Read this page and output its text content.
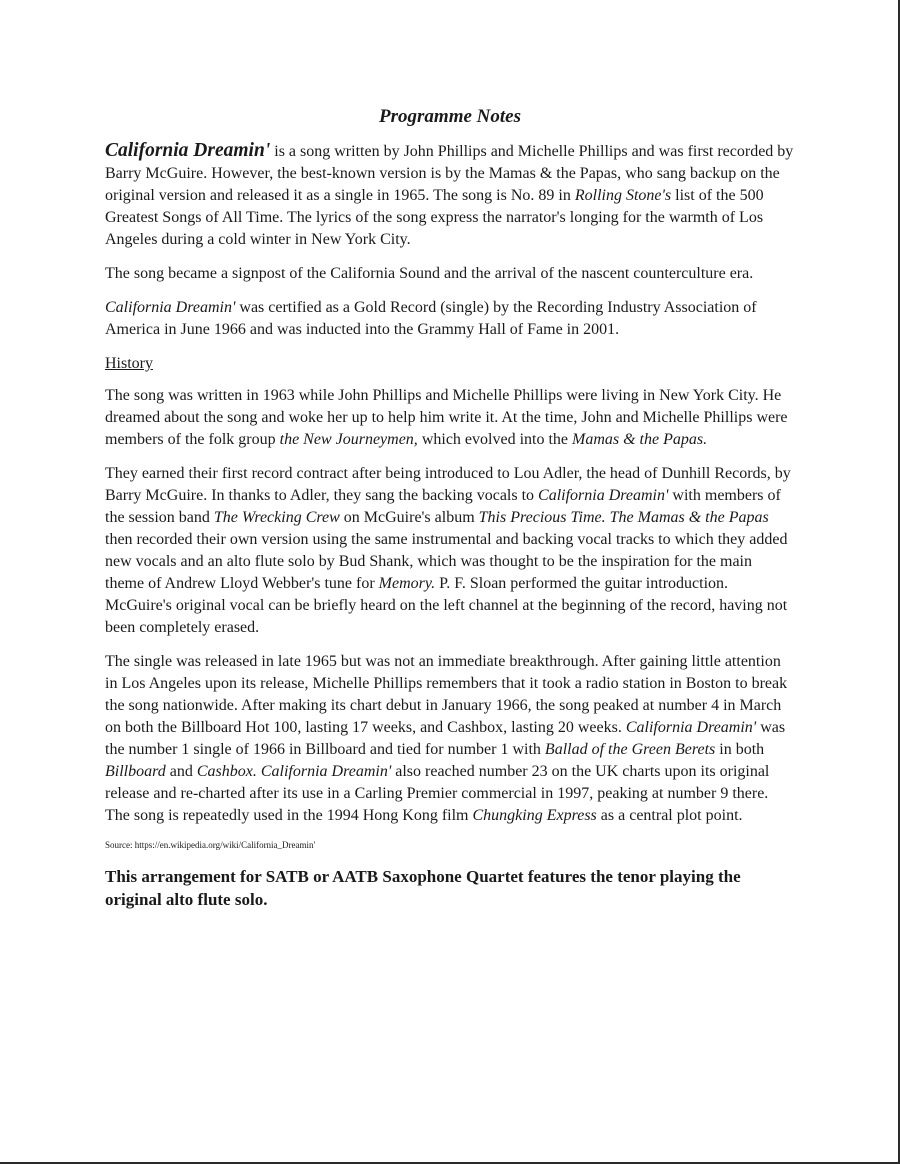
Programme Notes

California Dreamin' is a song written by John Phillips and Michelle Phillips and was first recorded by Barry McGuire. However, the best-known version is by the Mamas & the Papas, who sang backup on the original version and released it as a single in 1965. The song is No. 89 in Rolling Stone's list of the 500 Greatest Songs of All Time. The lyrics of the song express the narrator's longing for the warmth of Los Angeles during a cold winter in New York City.

The song became a signpost of the California Sound and the arrival of the nascent counterculture era.

California Dreamin' was certified as a Gold Record (single) by the Recording Industry Association of America in June 1966 and was inducted into the Grammy Hall of Fame in 2001.

History

The song was written in 1963 while John Phillips and Michelle Phillips were living in New York City. He dreamed about the song and woke her up to help him write it. At the time, John and Michelle Phillips were members of the folk group the New Journeymen, which evolved into the Mamas & the Papas.

They earned their first record contract after being introduced to Lou Adler, the head of Dunhill Records, by Barry McGuire. In thanks to Adler, they sang the backing vocals to California Dreamin' with members of the session band The Wrecking Crew on McGuire's album This Precious Time. The Mamas & the Papas then recorded their own version using the same instrumental and backing vocal tracks to which they added new vocals and an alto flute solo by Bud Shank, which was thought to be the inspiration for the main theme of Andrew Lloyd Webber's tune for Memory. P. F. Sloan performed the guitar introduction. McGuire's original vocal can be briefly heard on the left channel at the beginning of the record, having not been completely erased.

The single was released in late 1965 but was not an immediate breakthrough. After gaining little attention in Los Angeles upon its release, Michelle Phillips remembers that it took a radio station in Boston to break the song nationwide. After making its chart debut in January 1966, the song peaked at number 4 in March on both the Billboard Hot 100, lasting 17 weeks, and Cashbox, lasting 20 weeks. California Dreamin' was the number 1 single of 1966 in Billboard and tied for number 1 with Ballad of the Green Berets in both Billboard and Cashbox. California Dreamin' also reached number 23 on the UK charts upon its original release and re-charted after its use in a Carling Premier commercial in 1997, peaking at number 9 there. The song is repeatedly used in the 1994 Hong Kong film Chungking Express as a central plot point.

Source: https://en.wikipedia.org/wiki/California_Dreamin'

This arrangement for SATB or AATB Saxophone Quartet features the tenor playing the original alto flute solo.
